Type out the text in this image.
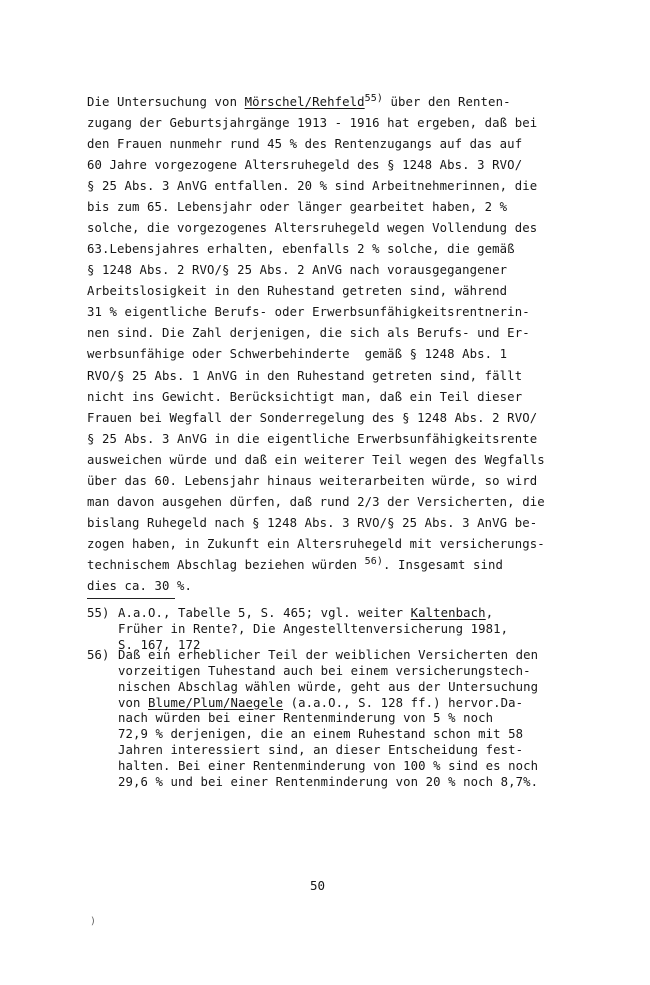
Die Untersuchung von Mörschel/Rehfeld$^{55)}$ über den Renten-
zugang der Geburtsjahrgänge 1913 - 1916 hat ergeben, daß bei
den Frauen nunmehr rund 45 % des Rentenzugangs auf das auf
60 Jahre vorgezogene Altersruhegeld des § 1248 Abs. 3 RVO/
§ 25 Abs. 3 AnVG entfallen. 20 % sind Arbeitnehmerinnen, die
bis zum 65. Lebensjahr oder länger gearbeitet haben, 2 %
solche, die vorgezogenes Altersruhegeld wegen Vollendung des
63.Lebensjahres erhalten, ebenfalls 2 % solche, die gemäß
§ 1248 Abs. 2 RVO/§ 25 Abs. 2 AnVG nach vorausgegangener
Arbeitslosigkeit in den Ruhestand getreten sind, während
31 % eigentliche Berufs- oder Erwerbsunfähigkeitsrentnerin-
nen sind. Die Zahl derjenigen, die sich als Berufs- und Er-
werbsunfähige oder Schwerbehinderte  gemäß § 1248 Abs. 1
RVO/§ 25 Abs. 1 AnVG in den Ruhestand getreten sind, fällt
nicht ins Gewicht. Berücksichtigt man, daß ein Teil dieser
Frauen bei Wegfall der Sonderregelung des § 1248 Abs. 2 RVO/
§ 25 Abs. 3 AnVG in die eigentliche Erwerbsunfähigkeitsrente
ausweichen würde und daß ein weiterer Teil wegen des Wegfalls
über das 60. Lebensjahr hinaus weiterarbeiten würde, so wird
man davon ausgehen dürfen, daß rund 2/3 der Versicherten, die
bislang Ruhegeld nach § 1248 Abs. 3 RVO/§ 25 Abs. 3 AnVG be-
zogen haben, in Zukunft ein Altersruhegeld mit versicherungs-
technischem Abschlag beziehen würden $^{56)}$. Insgesamt sind
dies ca. 30 %.
55) A.a.O., Tabelle 5, S. 465; vgl. weiter Kaltenbach,
Früher in Rente?, Die Angestelltenversicherung 1981,
S. 167, 172
56) Daß ein erheblicher Teil der weiblichen Versicherten den
vorzeitigen Tuhestand auch bei einem versicherungstech-
nischen Abschlag wählen würde, geht aus der Untersuchung
von Blume/Plum/Naegele (a.a.O., S. 128 ff.) hervor.Da-
nach würden bei einer Rentenminderung von 5 % noch
72,9 % derjenigen, die an einem Ruhestand schon mit 58
Jahren interessiert sind, an dieser Entscheidung fest-
halten. Bei einer Rentenminderung von 100 % sind es noch
29,6 % und bei einer Rentenminderung von 20 % noch 8,7%.
50
)
